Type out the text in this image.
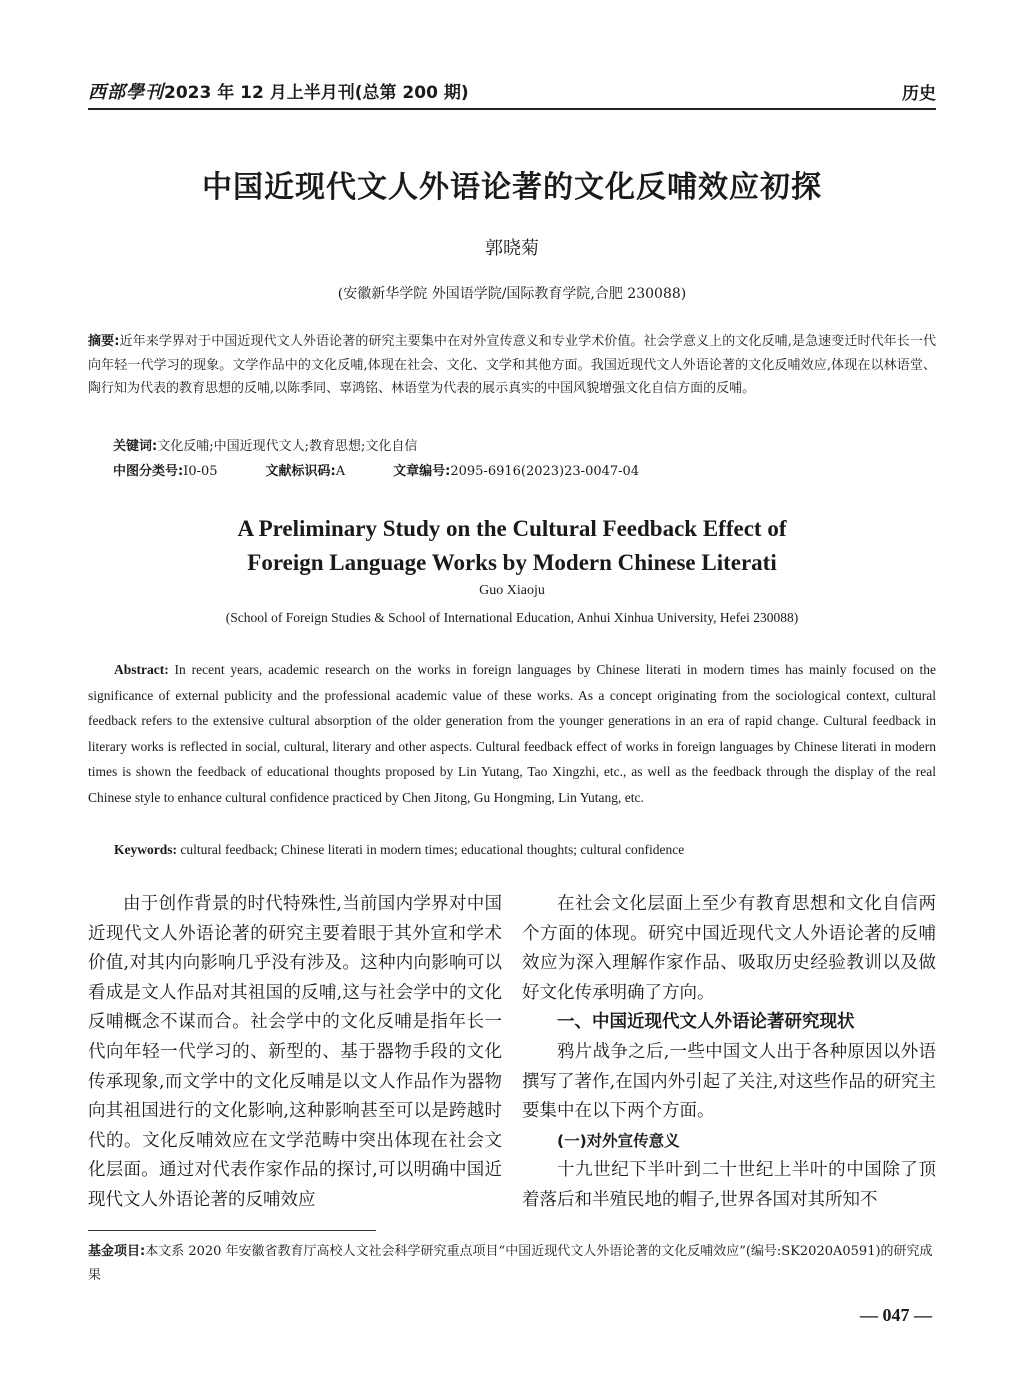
西部學刊2023 年 12 月上半月刊(总第 200 期)	历史
中国近现代文人外语论著的文化反哺效应初探
郭晓菊
(安徽新华学院 外国语学院/国际教育学院,合肥 230088)
摘要:近年来学界对于中国近现代文人外语论著的研究主要集中在对外宣传意义和专业学术价值。社会学意义上的文化反哺,是急速变迁时代年长一代向年轻一代学习的现象。文学作品中的文化反哺,体现在社会、文化、文学和其他方面。我国近现代文人外语论著的文化反哺效应,体现在以林语堂、陶行知为代表的教育思想的反哺,以陈季同、辜鸿铭、林语堂为代表的展示真实的中国风貌增强文化自信方面的反哺。
关键词:文化反哺;中国近现代文人;教育思想;文化自信
中图分类号:I0-05	文献标识码:A	文章编号:2095-6916(2023)23-0047-04
A Preliminary Study on the Cultural Feedback Effect of
Foreign Language Works by Modern Chinese Literati
Guo Xiaoju
(School of Foreign Studies & School of International Education, Anhui Xinhua University, Hefei 230088)
Abstract: In recent years, academic research on the works in foreign languages by Chinese literati in modern times has mainly focused on the significance of external publicity and the professional academic value of these works. As a concept originating from the sociological context, cultural feedback refers to the extensive cultural absorption of the older generation from the younger generations in an era of rapid change. Cultural feedback in literary works is reflected in social, cultural, literary and other aspects. Cultural feedback effect of works in foreign languages by Chinese literati in modern times is shown the feedback of educational thoughts proposed by Lin Yutang, Tao Xingzhi, etc., as well as the feedback through the display of the real Chinese style to enhance cultural confidence practiced by Chen Jitong, Gu Hongming, Lin Yutang, etc.
Keywords: cultural feedback; Chinese literati in modern times; educational thoughts; cultural confidence

由于创作背景的时代特殊性,当前国内学界对中国近现代文人外语论著的研究主要着眼于其外宣和学术价值,对其内向影响几乎没有涉及。这种内向影响可以看成是文人作品对其祖国的反哺,这与社会学中的文化反哺概念不谋而合。社会学中的文化反哺是指年长一代向年轻一代学习的、新型的、基于器物手段的文化传承现象,而文学中的文化反哺是以文人作品作为器物向其祖国进行的文化影响,这种影响甚至可以是跨越时代的。文化反哺效应在文学范畴中突出体现在社会文化层面。通过对代表作家作品的探讨,可以明确中国近现代文人外语论著的反哺效应

在社会文化层面上至少有教育思想和文化自信两个方面的体现。研究中国近现代文人外语论著的反哺效应为深入理解作家作品、吸取历史经验教训以及做好文化传承明确了方向。

一、中国近现代文人外语论著研究现状

鸦片战争之后,一些中国文人出于各种原因以外语撰写了著作,在国内外引起了关注,对这些作品的研究主要集中在以下两个方面。

(一)对外宣传意义

十九世纪下半叶到二十世纪上半叶的中国除了顶着落后和半殖民地的帽子,世界各国对其所知不

基金项目:本文系 2020 年安徽省教育厅高校人文社会科学研究重点项目“中国近现代文人外语论著的文化反哺效应”(编号:SK2020A0591)的研究成果
— 047 —
